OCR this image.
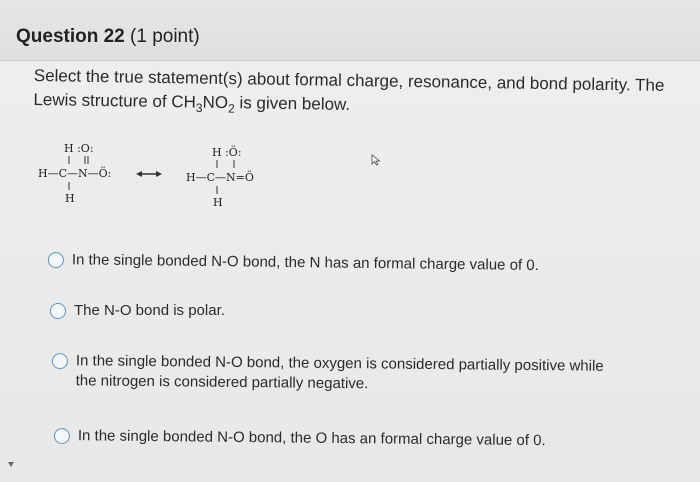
Question 22 (1 point)
Select the true statement(s) about formal charge, resonance, and bond polarity. The
Lewis structure of $CH_3NO_2$ is given below.
H :O:
H—C—N—Ö:
H
H :Ö:
H—C—N=Ö
H
In the single bonded N-O bond, the N has an formal charge value of 0.
The N-O bond is polar.
In the single bonded N-O bond, the oxygen is considered partially positive while the nitrogen is considered partially negative.
In the single bonded N-O bond, the O has an formal charge value of 0.
